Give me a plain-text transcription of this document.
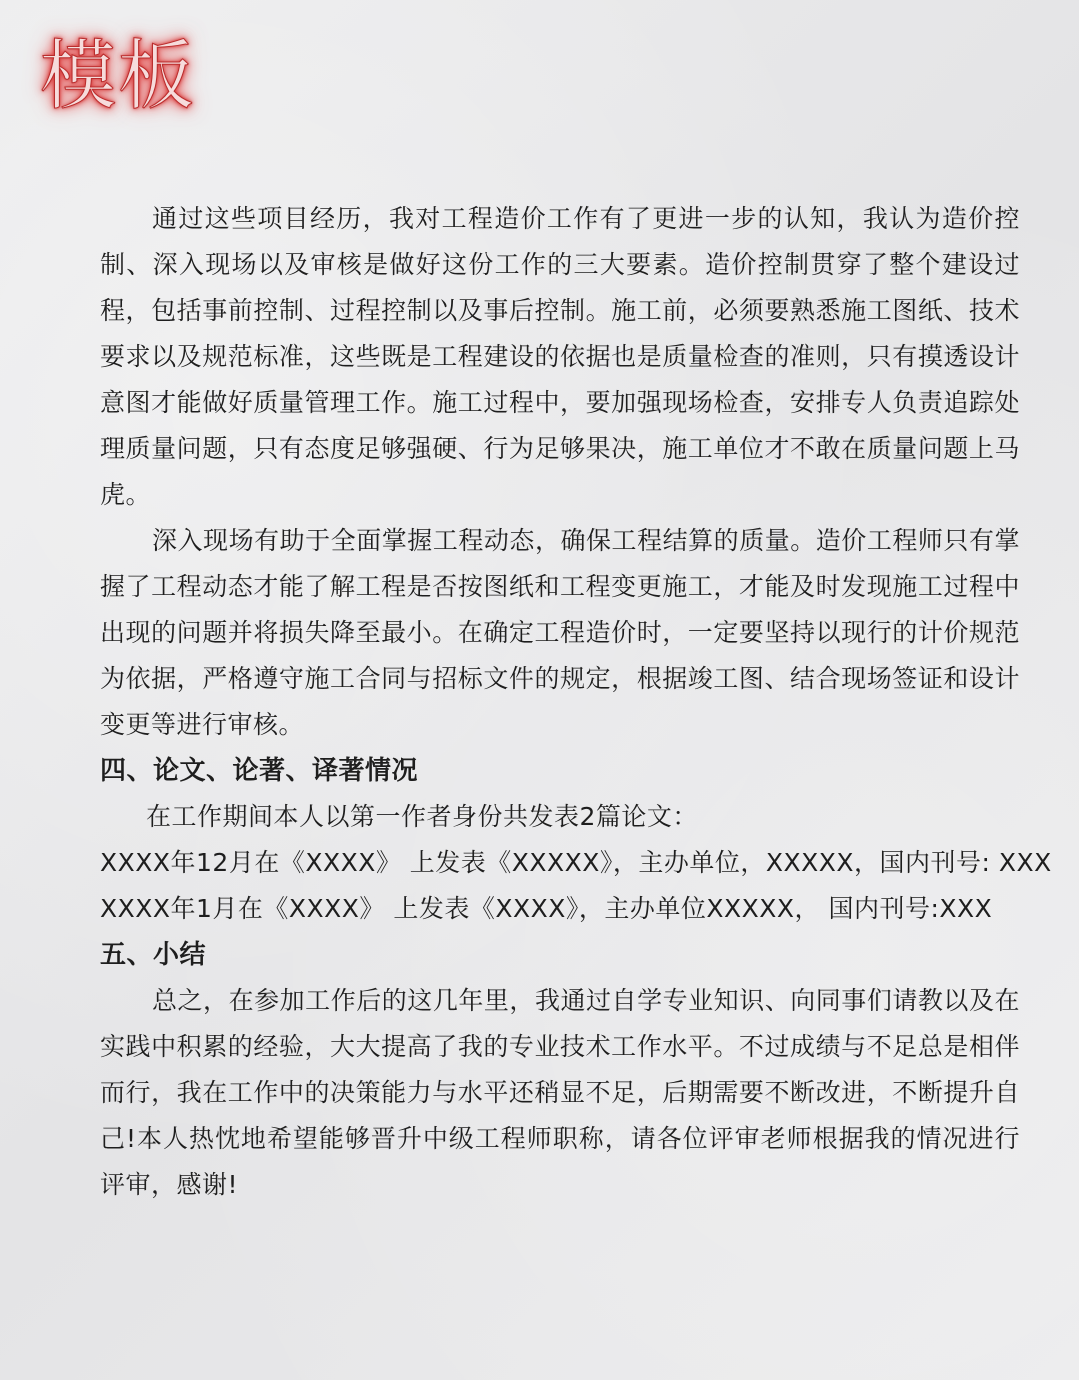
模板

通过这些项目经历，我对工程造价工作有了更进一步的认知，我认为造价控制、深入现场以及审核是做好这份工作的三大要素。造价控制贯穿了整个建设过程，包括事前控制、过程控制以及事后控制。施工前，必须要熟悉施工图纸、技术要求以及规范标准，这些既是工程建设的依据也是质量检查的准则，只有摸透设计意图才能做好质量管理工作。施工过程中，要加强现场检查，安排专人负责追踪处理质量问题，只有态度足够强硬、行为足够果决，施工单位才不敢在质量问题上马虎。

深入现场有助于全面掌握工程动态，确保工程结算的质量。造价工程师只有掌握了工程动态才能了解工程是否按图纸和工程变更施工，才能及时发现施工过程中出现的问题并将损失降至最小。在确定工程造价时，一定要坚持以现行的计价规范为依据，严格遵守施工合同与招标文件的规定，根据竣工图、结合现场签证和设计变更等进行审核。

四、论文、论著、译著情况

在工作期间本人以第一作者身份共发表2篇论文：

XXXX年12月在《XXXX》 上发表《XXXXX》，主办单位，XXXXX，国内刊号: XXX

XXXX年1月在《XXXX》 上发表《XXXX》，主办单位XXXXX， 国内刊号:XXX

五、小结

总之，在参加工作后的这几年里，我通过自学专业知识、向同事们请教以及在实践中积累的经验，大大提高了我的专业技术工作水平。不过成绩与不足总是相伴而行，我在工作中的决策能力与水平还稍显不足，后期需要不断改进，不断提升自己!本人热忱地希望能够晋升中级工程师职称，请各位评审老师根据我的情况进行评审，感谢!
